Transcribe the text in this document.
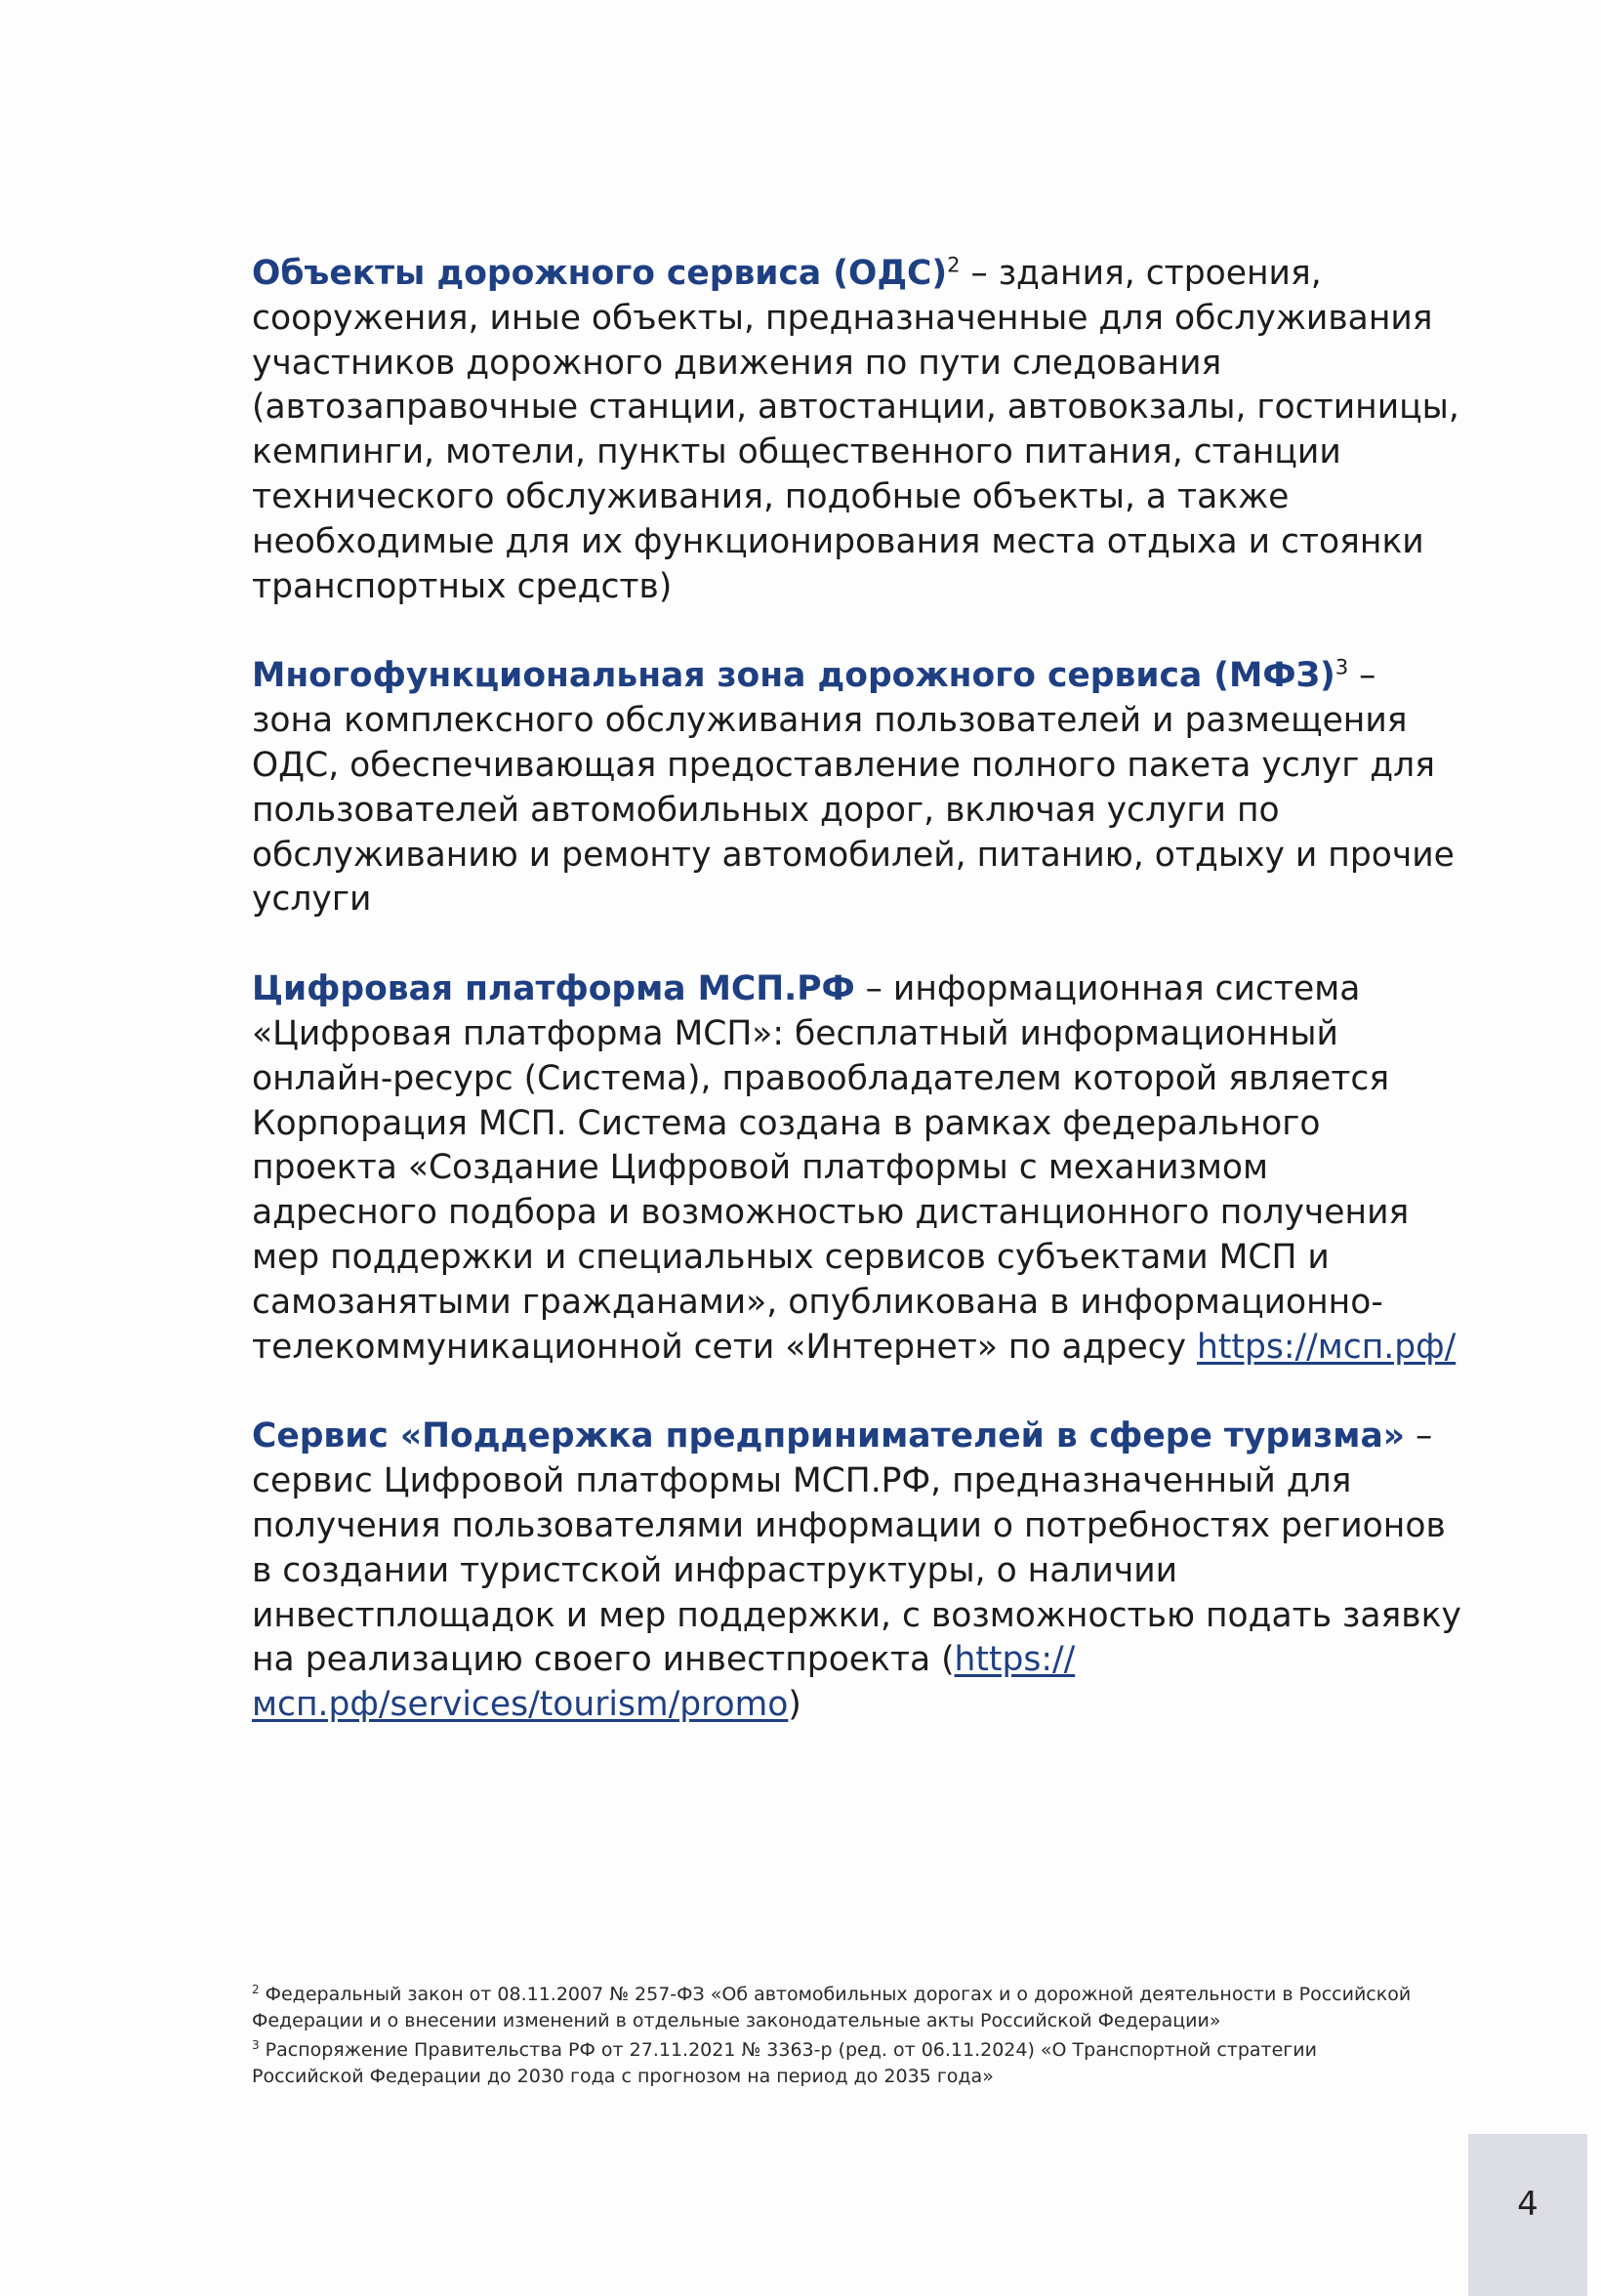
Объекты дорожного сервиса (ОДС)$^2$ – здания, строения, сооружения, иные объекты, предназначенные для обслуживания участников дорожного движения по пути следования (автозаправочные станции, автостанции, автовокзалы, гостиницы, кемпинги, мотели, пункты общественного питания, станции технического обслуживания, подобные объекты, а также необходимые для их функционирования места отдыха и стоянки транспортных средств)

Многофункциональная зона дорожного сервиса (МФЗ)$^3$ – зона комплексного обслуживания пользователей и размещения ОДС, обеспечивающая предоставление полного пакета услуг для пользователей автомобильных дорог, включая услуги по обслуживанию и ремонту автомобилей, питанию, отдыху и прочие услуги

Цифровая платформа МСП.РФ – информационная система «Цифровая платформа МСП»: бесплатный информационный онлайн-ресурс (Система), правообладателем которой является Корпорация МСП. Система создана в рамках федерального проекта «Создание Цифровой платформы с механизмом адресного подбора и возможностью дистанционного получения мер поддержки и специальных сервисов субъектами МСП и самозанятыми гражданами», опубликована в информационно-телекоммуникационной сети «Интернет» по адресу https://мсп.рф/

Сервис «Поддержка предпринимателей в сфере туризма» – сервис Цифровой платформы МСП.РФ, предназначенный для получения пользователями информации о потребностях регионов в создании туристской инфраструктуры, о наличии инвестплощадок и мер поддержки, с возможностью подать заявку на реализацию своего инвестпроекта (https://мсп.рф/services/tourism/promo)

$^2$ Федеральный закон от 08.11.2007 № 257-ФЗ «Об автомобильных дорогах и о дорожной деятельности в Российской Федерации и о внесении изменений в отдельные законодательные акты Российской Федерации»

$^3$ Распоряжение Правительства РФ от 27.11.2021 № 3363-р (ред. от 06.11.2024) «О Транспортной стратегии Российской Федерации до 2030 года с прогнозом на период до 2035 года»

4
